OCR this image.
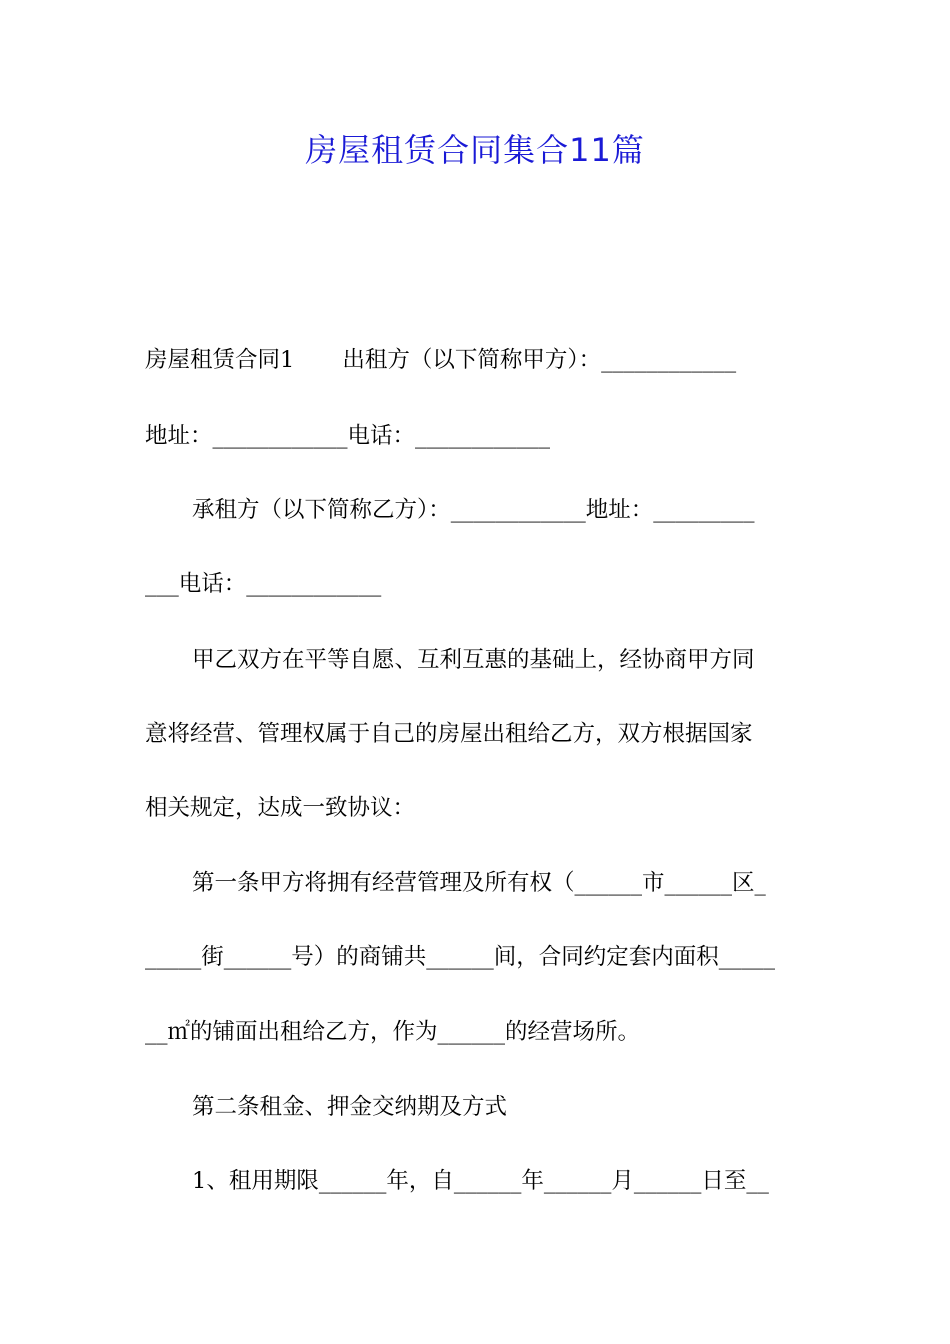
房屋租赁合同集合11篇
房屋租赁合同1 出租方（以下简称甲方）：____________
地址：____________电话：____________
承租方（以下简称乙方）：____________地址：_________
___电话：____________
甲乙双方在平等自愿、互利互惠的基础上，经协商甲方同
意将经营、管理权属于自己的房屋出租给乙方，双方根据国家
相关规定，达成一致协议：
第一条甲方将拥有经营管理及所有权（______市______区_
_____街______号）的商铺共______间，合同约定套内面积_____
__㎡的铺面出租给乙方，作为______的经营场所。
第二条租金、押金交纳期及方式
1、租用期限______年，自______年______月______日至__
